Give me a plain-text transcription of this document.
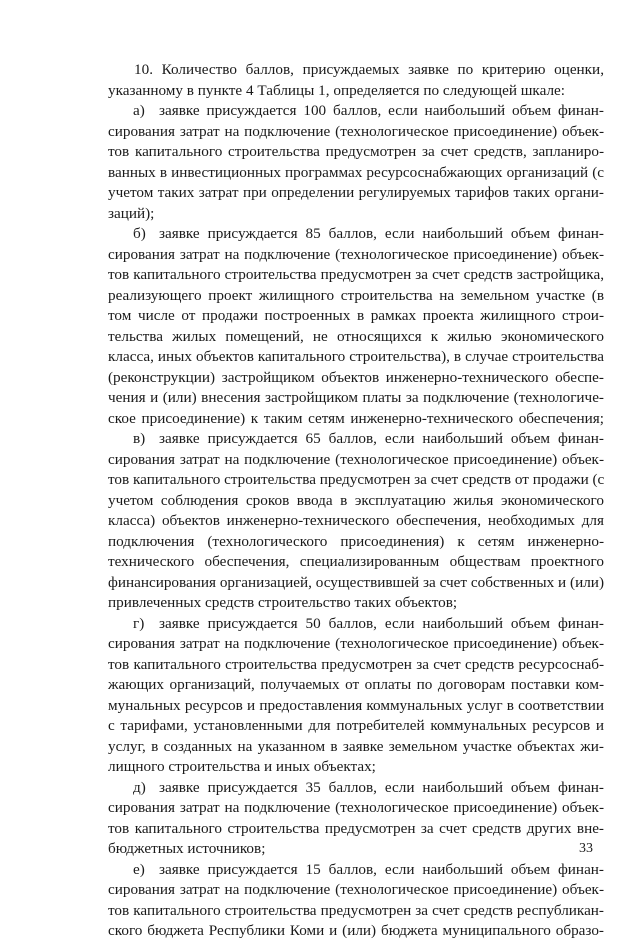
10. Количество баллов, присуждаемых заявке по критерию оценки,
указанному в пункте 4 Таблицы 1, определяется по следующей шкале:
а) заявке присуждается 100 баллов, если наибольший объем финан-
сирования затрат на подключение (технологическое присоединение) объек-
тов капитального строительства предусмотрен за счет средств, запланиро-
ванных в инвестиционных программах ресурсоснабжающих организаций (с
учетом таких затрат при определении регулируемых тарифов таких органи-
заций);
б) заявке присуждается 85 баллов, если наибольший объем финан-
сирования затрат на подключение (технологическое присоединение) объек-
тов капитального строительства предусмотрен за счет средств застройщика,
реализующего проект жилищного строительства на земельном участке (в
том числе от продажи построенных в рамках проекта жилищного строи-
тельства жилых помещений, не относящихся к жилью экономического
класса, иных объектов капитального строительства), в случае строительства
(реконструкции) застройщиком объектов инженерно-технического обеспе-
чения и (или) внесения застройщиком платы за подключение (технологиче-
ское присоединение) к таким сетям инженерно-технического обеспечения;
в) заявке присуждается 65 баллов, если наибольший объем финан-
сирования затрат на подключение (технологическое присоединение) объек-
тов капитального строительства предусмотрен за счет средств от продажи (с
учетом соблюдения сроков ввода в эксплуатацию жилья экономического
класса) объектов инженерно-технического обеспечения, необходимых для
подключения (технологического присоединения) к сетям инженерно-
технического обеспечения, специализированным обществам проектного
финансирования организацией, осуществившей за счет собственных и (или)
привлеченных средств строительство таких объектов;
г) заявке присуждается 50 баллов, если наибольший объем финан-
сирования затрат на подключение (технологическое присоединение) объек-
тов капитального строительства предусмотрен за счет средств ресурсоснаб-
жающих организаций, получаемых от оплаты по договорам поставки ком-
мунальных ресурсов и предоставления коммунальных услуг в соответствии
с тарифами, установленными для потребителей коммунальных ресурсов и
услуг, в созданных на указанном в заявке земельном участке объектах жи-
лищного строительства и иных объектах;
д) заявке присуждается 35 баллов, если наибольший объем финан-
сирования затрат на подключение (технологическое присоединение) объек-
тов капитального строительства предусмотрен за счет средств других вне-
бюджетных источников;
е) заявке присуждается 15 баллов, если наибольший объем финан-
сирования затрат на подключение (технологическое присоединение) объек-
тов капитального строительства предусмотрен за счет средств республикан-
ского бюджета Республики Коми и (или) бюджета муниципального образо-
33
